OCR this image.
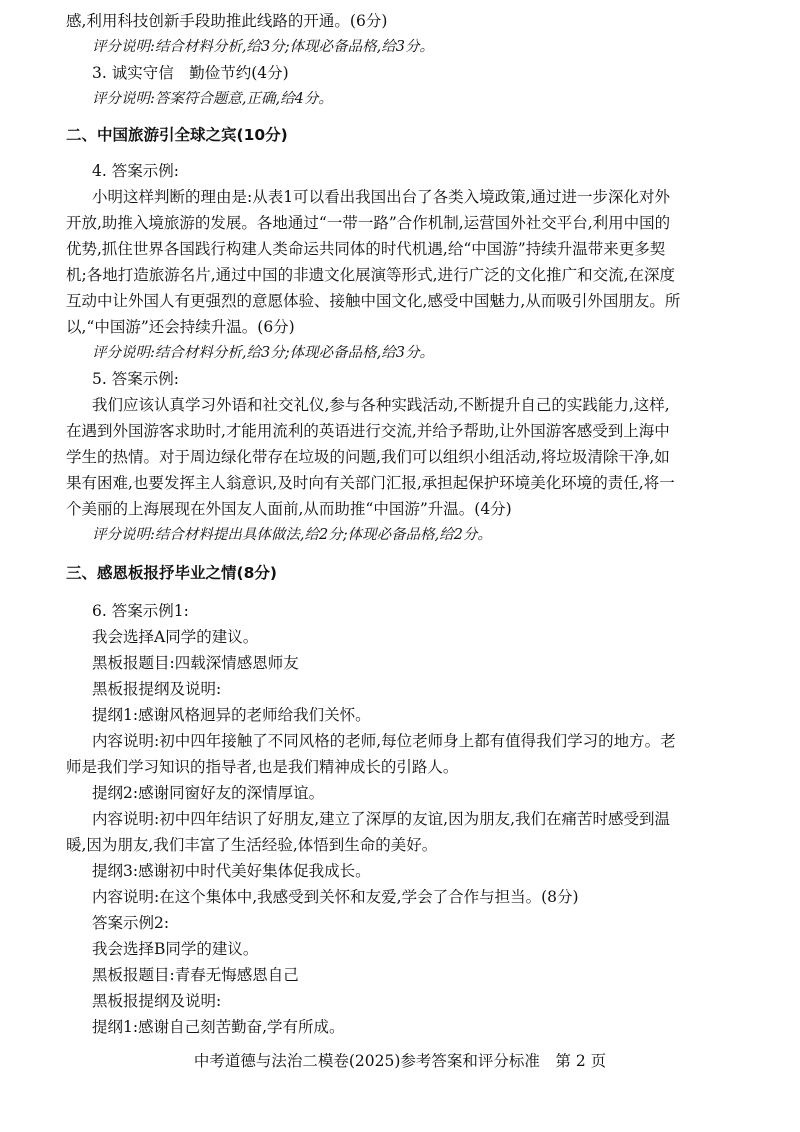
感,利用科技创新手段助推此线路的开通。(6分)
评分说明:结合材料分析,给3分;体现必备品格,给3分。
3. 诚实守信　勤俭节约(4分)
评分说明:答案符合题意,正确,给4分。
二、中国旅游引全球之宾(10分)
4. 答案示例:
小明这样判断的理由是:从表1可以看出我国出台了各类入境政策,通过进一步深化对外
开放,助推入境旅游的发展。各地通过“一带一路”合作机制,运营国外社交平台,利用中国的
优势,抓住世界各国践行构建人类命运共同体的时代机遇,给“中国游”持续升温带来更多契
机;各地打造旅游名片,通过中国的非遗文化展演等形式,进行广泛的文化推广和交流,在深度
互动中让外国人有更强烈的意愿体验、接触中国文化,感受中国魅力,从而吸引外国朋友。所
以,“中国游”还会持续升温。(6分)
评分说明:结合材料分析,给3分;体现必备品格,给3分。
5. 答案示例:
我们应该认真学习外语和社交礼仪,参与各种实践活动,不断提升自己的实践能力,这样,
在遇到外国游客求助时,才能用流利的英语进行交流,并给予帮助,让外国游客感受到上海中
学生的热情。对于周边绿化带存在垃圾的问题,我们可以组织小组活动,将垃圾清除干净,如
果有困难,也要发挥主人翁意识,及时向有关部门汇报,承担起保护环境美化环境的责任,将一
个美丽的上海展现在外国友人面前,从而助推“中国游”升温。(4分)
评分说明:结合材料提出具体做法,给2分;体现必备品格,给2分。
三、感恩板报抒毕业之情(8分)
6. 答案示例1:
我会选择A同学的建议。
黑板报题目:四载深情感恩师友
黑板报提纲及说明:
提纲1:感谢风格迥异的老师给我们关怀。
内容说明:初中四年接触了不同风格的老师,每位老师身上都有值得我们学习的地方。老
师是我们学习知识的指导者,也是我们精神成长的引路人。
提纲2:感谢同窗好友的深情厚谊。
内容说明:初中四年结识了好朋友,建立了深厚的友谊,因为朋友,我们在痛苦时感受到温
暖,因为朋友,我们丰富了生活经验,体悟到生命的美好。
提纲3:感谢初中时代美好集体促我成长。
内容说明:在这个集体中,我感受到关怀和友爱,学会了合作与担当。(8分)
答案示例2:
我会选择B同学的建议。
黑板报题目:青春无悔感恩自己
黑板报提纲及说明:
提纲1:感谢自己刻苦勤奋,学有所成。
中考道德与法治二模卷(2025)参考答案和评分标准　第 2 页
